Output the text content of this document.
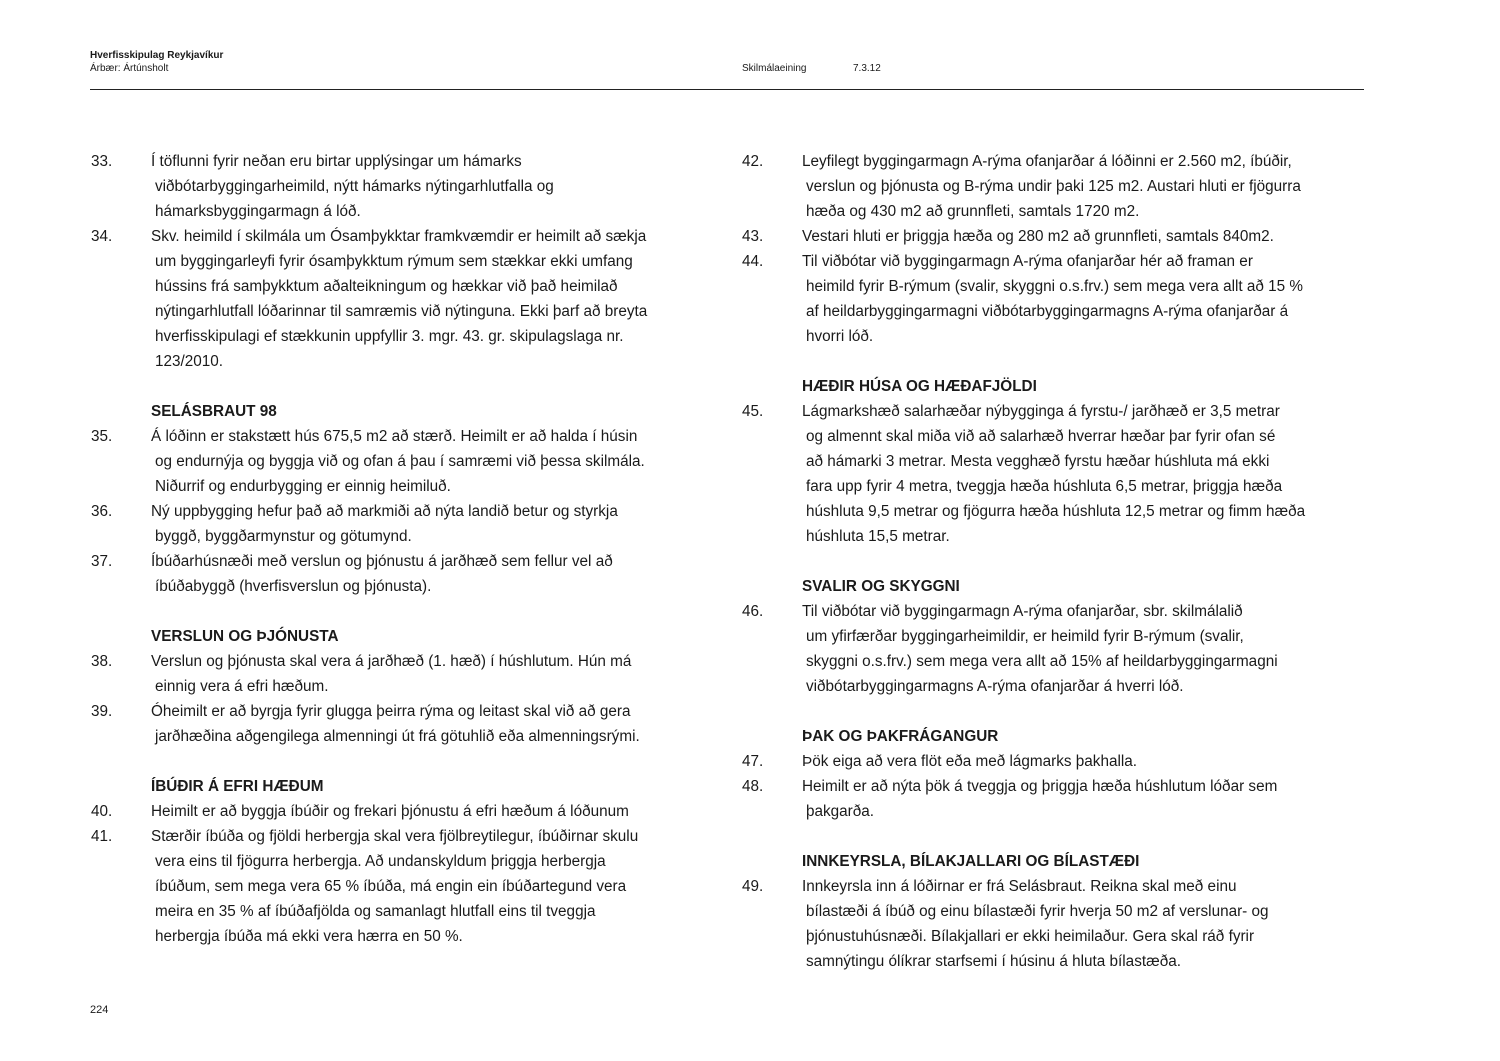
Hverfisskipulag Reykjavíkur
Árbær: Ártúnsholt	Skilmálaeining	7.3.12
33.	Í töflunni fyrir neðan eru birtar upplýsingar um hámarks
viðbótarbyggingarheimild, nýtt hámarks nýtingarhlutfalla og
hámarksbyggingarmagn á lóð.
34.	Skv. heimild í skilmála um Ósamþykktar framkvæmdir er heimilt að sækja
um byggingarleyfi fyrir ósamþykktum rýmum sem stækkar ekki umfang
hússins frá samþykktum aðalteikningum og hækkar við það heimilað
nýtingarhlutfall lóðarinnar til samræmis við nýtinguna. Ekki þarf að breyta
hverfisskipulagi ef stækkunin uppfyllir 3. mgr. 43. gr. skipulagslaga nr.
123/2010.
SELÁSBRAUT 98
35.	Á lóðinn er stakstætt hús 675,5 m2 að stærð. Heimilt er að halda í húsin
og endurnýja og byggja við og ofan á þau í samræmi við þessa skilmála.
Niðurrif og endurbygging er einnig heimiluð.
36.	Ný uppbygging hefur það að markmiði að nýta landið betur og styrkja
byggð, byggðarmynstur og götumynd.
37.	Íbúðarhúsnæði með verslun og þjónustu á jarðhæð sem fellur vel að
íbúðabyggð (hverfisverslun og þjónusta).
VERSLUN OG ÞJÓNUSTA
38.	Verslun og þjónusta skal vera á jarðhæð (1. hæð) í húshlutum. Hún má
einnig vera á efri hæðum.
39.	Óheimilt er að byrgja fyrir glugga þeirra rýma og leitast skal við að gera
jarðhæðina aðgengilega almenningi út frá götuhlið eða almenningsrými.
ÍBÚÐIR Á EFRI HÆÐUM
40.	Heimilt er að byggja íbúðir og frekari þjónustu á efri hæðum á lóðunum
41.	Stærðir íbúða og fjöldi herbergja skal vera fjölbreytilegur, íbúðirnar skulu
vera eins til fjögurra herbergja. Að undanskyldum þriggja herbergja
íbúðum, sem mega vera 65 % íbúða, má engin ein íbúðartegund vera
meira en 35 % af íbúðafjölda og samanlagt hlutfall eins til tveggja
herbergja íbúða má ekki vera hærra en 50 %.
42.	Leyfilegt byggingarmagn A-rýma ofanjarðar á lóðinni er 2.560 m2, íbúðir,
verslun og þjónusta og B-rýma undir þaki 125 m2. Austari hluti er fjögurra
hæða og 430 m2 að grunnfleti, samtals 1720 m2.
43.	Vestari hluti er þriggja hæða og 280 m2 að grunnfleti, samtals 840m2.
44.	Til viðbótar við byggingarmagn A-rýma ofanjarðar hér að framan er
heimild fyrir B-rýmum (svalir, skyggni o.s.frv.) sem mega vera allt að 15 %
af heildarbyggingarmagni viðbótarbyggingarmagns A-rýma ofanjarðar á
hvorri lóð.
HÆÐIR HÚSA OG HÆÐAFJÖLDI
45.	Lágmarkshæð salarhæðar nýbygginga á fyrstu-/ jarðhæð er 3,5 metrar
og almennt skal miða við að salarhæð hverrar hæðar þar fyrir ofan sé
að hámarki 3 metrar. Mesta vegghæð fyrstu hæðar húshluta má ekki
fara upp fyrir 4 metra, tveggja hæða húshluta 6,5 metrar, þriggja hæða
húshluta 9,5 metrar og fjögurra hæða húshluta 12,5 metrar og fimm hæða
húshluta 15,5 metrar.
SVALIR OG SKYGGNI
46.	Til viðbótar við byggingarmagn A-rýma ofanjarðar, sbr. skilmálalið
um yfirfærðar byggingarheimildir, er heimild fyrir B-rýmum (svalir,
skyggni o.s.frv.) sem mega vera allt að 15% af heildarbyggingarmagni
viðbótarbyggingarmagns A-rýma ofanjarðar á hverri lóð.
ÞAK OG ÞAKFRÁGANGUR
47.	Þök eiga að vera flöt eða með lágmarks þakhalla.
48.	Heimilt er að nýta þök á tveggja og þriggja hæða húshlutum lóðar sem
þakgarða.
INNKEYRSLA, BÍLAKJALLARI OG BÍLASTÆÐI
49.	Innkeyrsla inn á lóðirnar er frá Selásbraut. Reikna skal með einu
bílastæði á íbúð og einu bílastæði fyrir hverja 50 m2 af verslunar- og
þjónustuhúsnæði. Bílakjallari er ekki heimilaður. Gera skal ráð fyrir
samnýtingu ólíkrar starfsemi í húsinu á hluta bílastæða.
224
